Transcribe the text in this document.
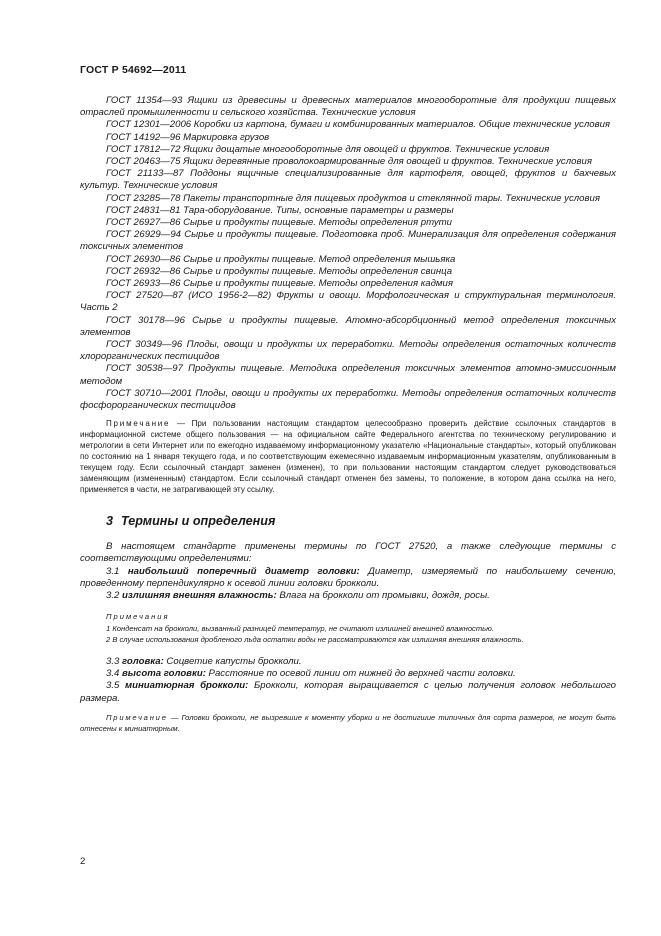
ГОСТ Р 54692—2011

ГОСТ 11354—93 Ящики из древесины и древесных материалов многооборотные для продукции пищевых отраслей промышленности и сельского хозяйства. Технические условия

ГОСТ 12301—2006 Коробки из картона, бумаги и комбинированных материалов. Общие технические условия

ГОСТ 14192—96 Маркировка грузов

ГОСТ 17812—72 Ящики дощатые многооборотные для овощей и фруктов. Технические условия

ГОСТ 20463—75 Ящики деревянные проволокоармированные для овощей и фруктов. Технические условия

ГОСТ 21133—87 Поддоны ящичные специализированные для картофеля, овощей, фруктов и бахчевых культур. Технические условия

ГОСТ 23285—78 Пакеты транспортные для пищевых продуктов и стеклянной тары. Технические условия

ГОСТ 24831—81 Тара-оборудование. Типы, основные параметры и размеры

ГОСТ 26927—86 Сырье и продукты пищевые. Методы определения ртути

ГОСТ 26929—94 Сырье и продукты пищевые. Подготовка проб. Минерализация для определения содержания токсичных элементов

ГОСТ 26930—86 Сырье и продукты пищевые. Метод определения мышьяка

ГОСТ 26932—86 Сырье и продукты пищевые. Методы определения свинца

ГОСТ 26933—86 Сырье и продукты пищевые. Методы определения кадмия

ГОСТ 27520—87 (ИСО 1956-2—82) Фрукты и овощи. Морфологическая и структуральная терминология. Часть 2

ГОСТ 30178—96 Сырье и продукты пищевые. Атомно-абсорбционный метод определения токсичных элементов

ГОСТ 30349—96 Плоды, овощи и продукты их переработки. Методы определения остаточных количеств хлорорганических пестицидов

ГОСТ 30538—97 Продукты пищевые. Методика определения токсичных элементов атомно-эмиссионным методом

ГОСТ 30710—2001 Плоды, овощи и продукты их переработки. Методы определения остаточных количеств фосфорорганических пестицидов

Примечание — При пользовании настоящим стандартом целесообразно проверить действие ссылочных стандартов в информационной системе общего пользования — на официальном сайте Федерального агентства по техническому регулированию и метрологии в сети Интернет или по ежегодно издаваемому информационному указателю «Национальные стандарты», который опубликован по состоянию на 1 января текущего года, и по соответствующим ежемесячно издаваемым информационным указателям, опубликованным в текущем году. Если ссылочный стандарт заменен (изменен), то при пользовании настоящим стандартом следует руководствоваться заменяющим (измененным) стандартом. Если ссылочный стандарт отменен без замены, то положение, в котором дана ссылка на него, применяется в части, не затрагивающей эту ссылку.

3 Термины и определения

В настоящем стандарте применены термины по ГОСТ 27520, а также следующие термины с соответствующими определениями:

3.1 наибольший поперечный диаметр головки: Диаметр, измеряемый по наибольшему сечению, проведенному перпендикулярно к осевой линии головки брокколи.

3.2 излишняя внешняя влажность: Влага на брокколи от промывки, дождя, росы.

Примечания

1 Конденсат на брокколи, вызванный разницей температур, не считают излишней внешней влажностью.

2 В случае использования дробленого льда остатки воды не рассматриваются как излишняя внешняя влажность.

3.3 головка: Соцветие капусты брокколи.

3.4 высота головки: Расстояние по осевой линии от нижней до верхней части головки.

3.5 миниатюрная брокколи: Брокколи, которая выращивается с целью получения головок небольшого размера.

Примечание — Головки брокколи, не вызревшие к моменту уборки и не достигшие типичных для сорта размеров, не могут быть отнесены к миниатюрным.

2
